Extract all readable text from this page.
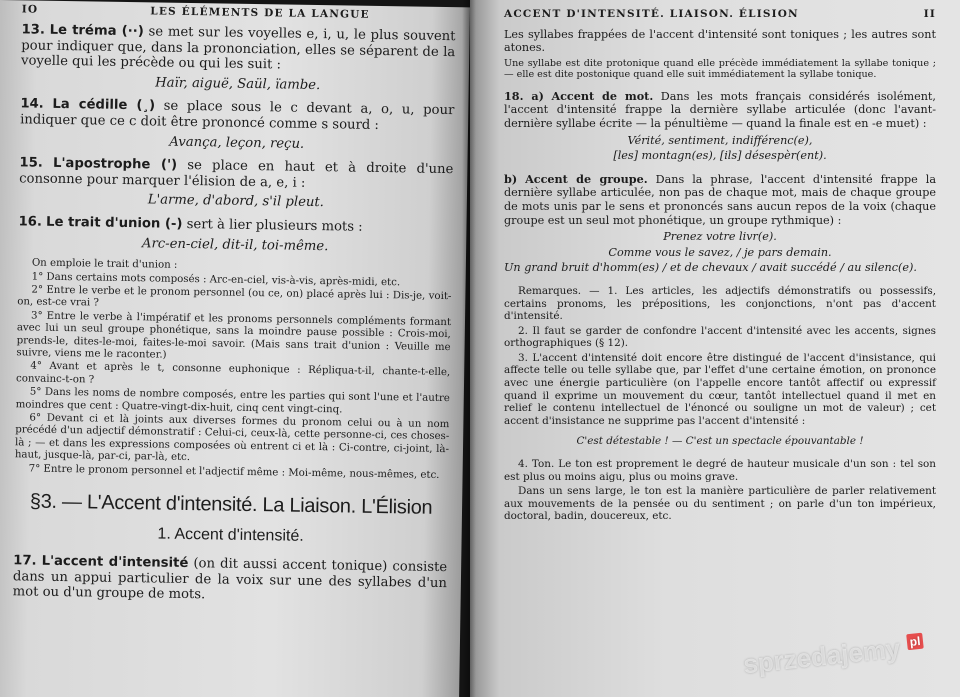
IO	LES ÉLÉMENTS DE LA LANGUE
13. Le tréma (··) se met sur les voyelles e, i, u, le plus souvent pour indiquer que, dans la prononciation, elles se séparent de la voyelle qui les précède ou qui les suit :
Haïr, aiguë, Saül, ïambe.
14. La cédille (¸) se place sous le c devant a, o, u, pour indiquer que ce c doit être prononcé comme s sourd :
Avança, leçon, reçu.
15. L'apostrophe (') se place en haut et à droite d'une consonne pour marquer l'élision de a, e, i :
L'arme, d'abord, s'il pleut.
16. Le trait d'union (-) sert à lier plusieurs mots :
Arc-en-ciel, dit-il, toi-même.

On emploie le trait d'union :

1° Dans certains mots composés : Arc-en-ciel, vis-à-vis, après-midi, etc.

2° Entre le verbe et le pronom personnel (ou ce, on) placé après lui : Dis-je, voit-on, est-ce vrai ?

3° Entre le verbe à l'impératif et les pronoms personnels compléments formant avec lui un seul groupe phonétique, sans la moindre pause possible : Crois-moi, prends-le, dites-le-moi, faites-le-moi savoir. (Mais sans trait d'union : Veuille me suivre, viens me le raconter.)

4° Avant et après le t, consonne euphonique : Répliqua-t-il, chante-t-elle, convainc-t-on ?

5° Dans les noms de nombre composés, entre les parties qui sont l'une et l'autre moindres que cent : Quatre-vingt-dix-huit, cinq cent vingt-cinq.

6° Devant ci et là joints aux diverses formes du pronom celui ou à un nom précédé d'un adjectif démonstratif : Celui-ci, ceux-là, cette personne-ci, ces choses-là ; — et dans les expressions composées où entrent ci et là : Ci-contre, ci-joint, là-haut, jusque-là, par-ci, par-là, etc.

7° Entre le pronom personnel et l'adjectif même : Moi-même, nous-mêmes, etc.

§3. — L'Accent d'intensité. La Liaison. L'Élision
1. Accent d'intensité.
17. L'accent d'intensité (on dit aussi accent tonique) consiste dans un appui particulier de la voix sur une des syllabes d'un mot ou d'un groupe de mots.
ACCENT D'INTENSITÉ. LIAISON. ÉLISION	II
Les syllabes frappées de l'accent d'intensité sont toniques ; les autres sont atones.
Une syllabe est dite protonique quand elle précède immédiatement la syllabe tonique ; — elle est dite postonique quand elle suit immédiatement la syllabe tonique.
18. a) Accent de mot. Dans les mots français considérés isolément, l'accent d'intensité frappe la dernière syllabe articulée (donc l'avant-dernière syllabe écrite — la pénultième — quand la finale est en -e muet) :
Vérité, sentiment, indifférenc(e),
[les] montagn(es), [ils] désespèr(ent).
b) Accent de groupe. Dans la phrase, l'accent d'intensité frappe la dernière syllabe articulée, non pas de chaque mot, mais de chaque groupe de mots unis par le sens et prononcés sans aucun repos de la voix (chaque groupe est un seul mot phonétique, un groupe rythmique) :
Prenez votre livr(e).
Comme vous le savez, / je pars demain.
Un grand bruit d'homm(es) / et de chevaux / avait succédé / au silenc(e).

Remarques. — 1. Les articles, les adjectifs démonstratifs ou possessifs, certains pronoms, les prépositions, les conjonctions, n'ont pas d'accent d'intensité.

2. Il faut se garder de confondre l'accent d'intensité avec les accents, signes orthographiques (§ 12).

3. L'accent d'intensité doit encore être distingué de l'accent d'insistance, qui affecte telle ou telle syllabe que, par l'effet d'une certaine émotion, on prononce avec une énergie particulière (on l'appelle encore tantôt affectif ou expressif quand il exprime un mouvement du cœur, tantôt intellectuel quand il met en relief le contenu intellectuel de l'énoncé ou souligne un mot de valeur) ; cet accent d'insistance ne supprime pas l'accent d'intensité :

C'est détestable ! — C'est un spectacle épouvantable !

4. Ton. Le ton est proprement le degré de hauteur musicale d'un son : tel son est plus ou moins aigu, plus ou moins grave.

Dans un sens large, le ton est la manière particulière de parler relativement aux mouvements de la pensée ou du sentiment ; on parle d'un ton impérieux, doctoral, badin, doucereux, etc.

sprzedajemy pl
